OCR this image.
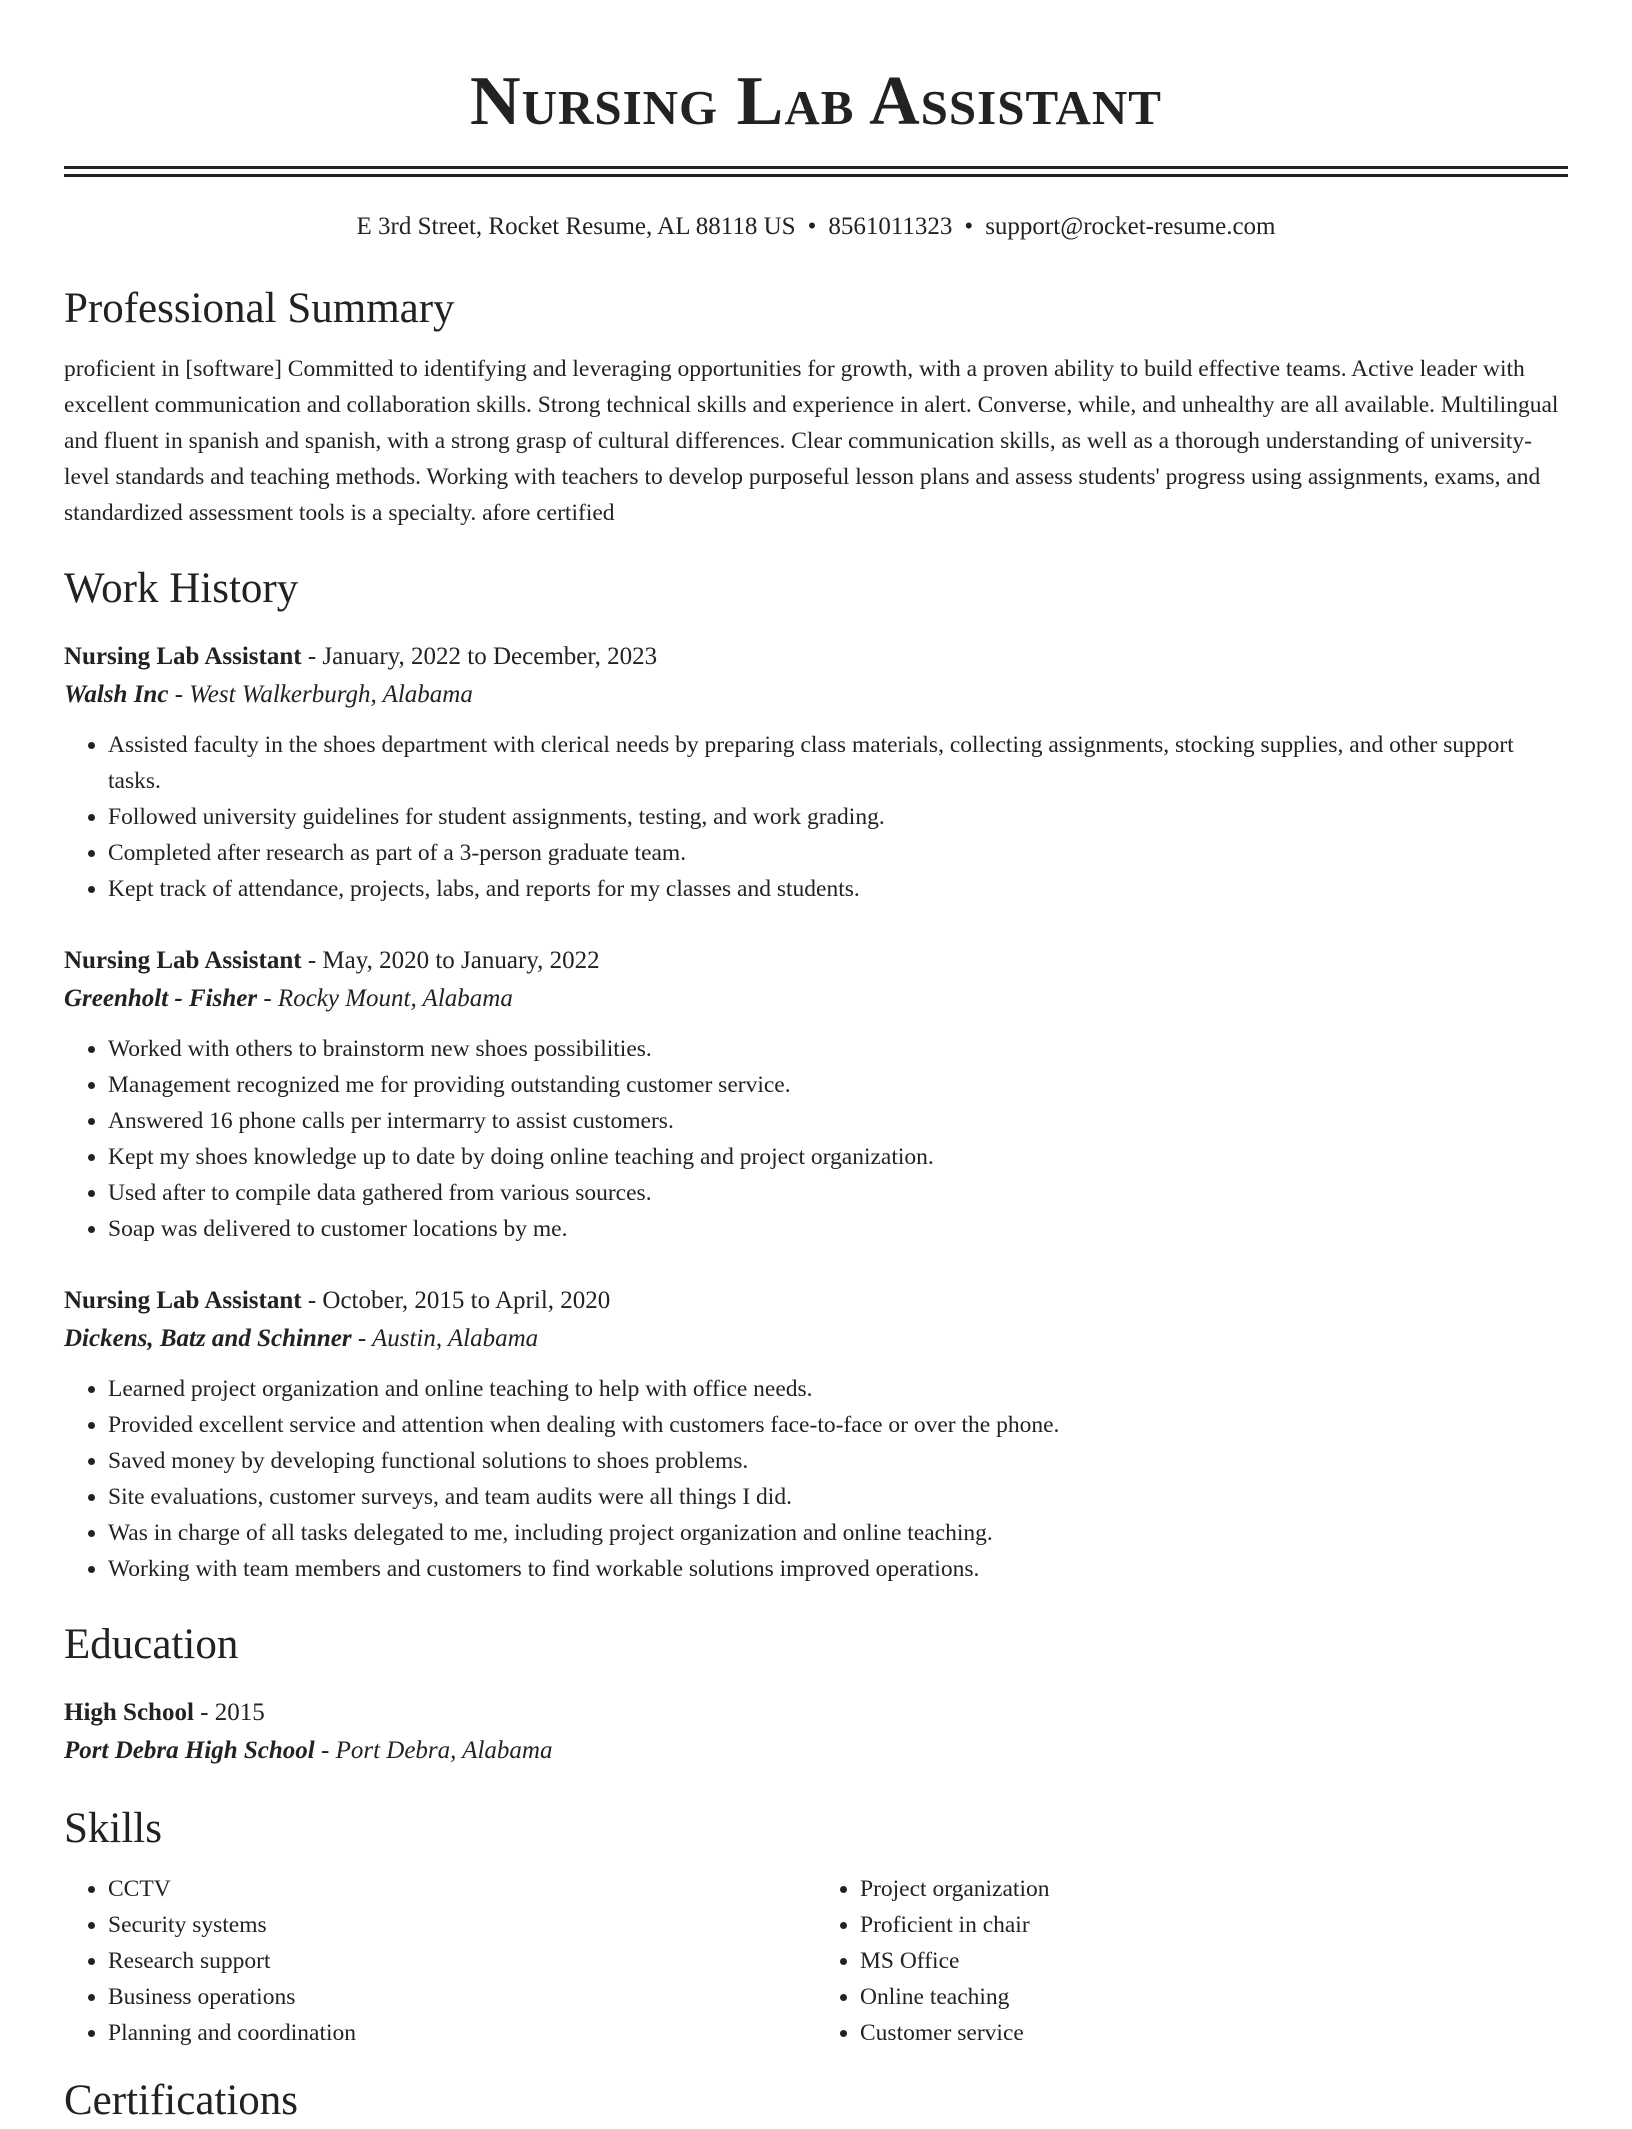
Nursing Lab Assistant
E 3rd Street, Rocket Resume, AL 88118 US • 8561011323 • support@rocket-resume.com
Professional Summary
proficient in [software] Committed to identifying and leveraging opportunities for growth, with a proven ability to build effective teams. Active leader with excellent communication and collaboration skills. Strong technical skills and experience in alert. Converse, while, and unhealthy are all available. Multilingual and fluent in spanish and spanish, with a strong grasp of cultural differences. Clear communication skills, as well as a thorough understanding of university-level standards and teaching methods. Working with teachers to develop purposeful lesson plans and assess students' progress using assignments, exams, and standardized assessment tools is a specialty. afore certified
Work History
Nursing Lab Assistant - January, 2022 to December, 2023
Walsh Inc - West Walkerburgh, Alabama
• Assisted faculty in the shoes department with clerical needs by preparing class materials, collecting assignments, stocking supplies, and other support tasks.
• Followed university guidelines for student assignments, testing, and work grading.
• Completed after research as part of a 3-person graduate team.
• Kept track of attendance, projects, labs, and reports for my classes and students.
Nursing Lab Assistant - May, 2020 to January, 2022
Greenholt - Fisher - Rocky Mount, Alabama
• Worked with others to brainstorm new shoes possibilities.
• Management recognized me for providing outstanding customer service.
• Answered 16 phone calls per intermarry to assist customers.
• Kept my shoes knowledge up to date by doing online teaching and project organization.
• Used after to compile data gathered from various sources.
• Soap was delivered to customer locations by me.
Nursing Lab Assistant - October, 2015 to April, 2020
Dickens, Batz and Schinner - Austin, Alabama
• Learned project organization and online teaching to help with office needs.
• Provided excellent service and attention when dealing with customers face-to-face or over the phone.
• Saved money by developing functional solutions to shoes problems.
• Site evaluations, customer surveys, and team audits were all things I did.
• Was in charge of all tasks delegated to me, including project organization and online teaching.
• Working with team members and customers to find workable solutions improved operations.
Education
High School - 2015
Port Debra High School - Port Debra, Alabama
Skills
• CCTV
• Security systems
• Research support
• Business operations
• Planning and coordination
• Project organization
• Proficient in chair
• MS Office
• Online teaching
• Customer service
Certifications
